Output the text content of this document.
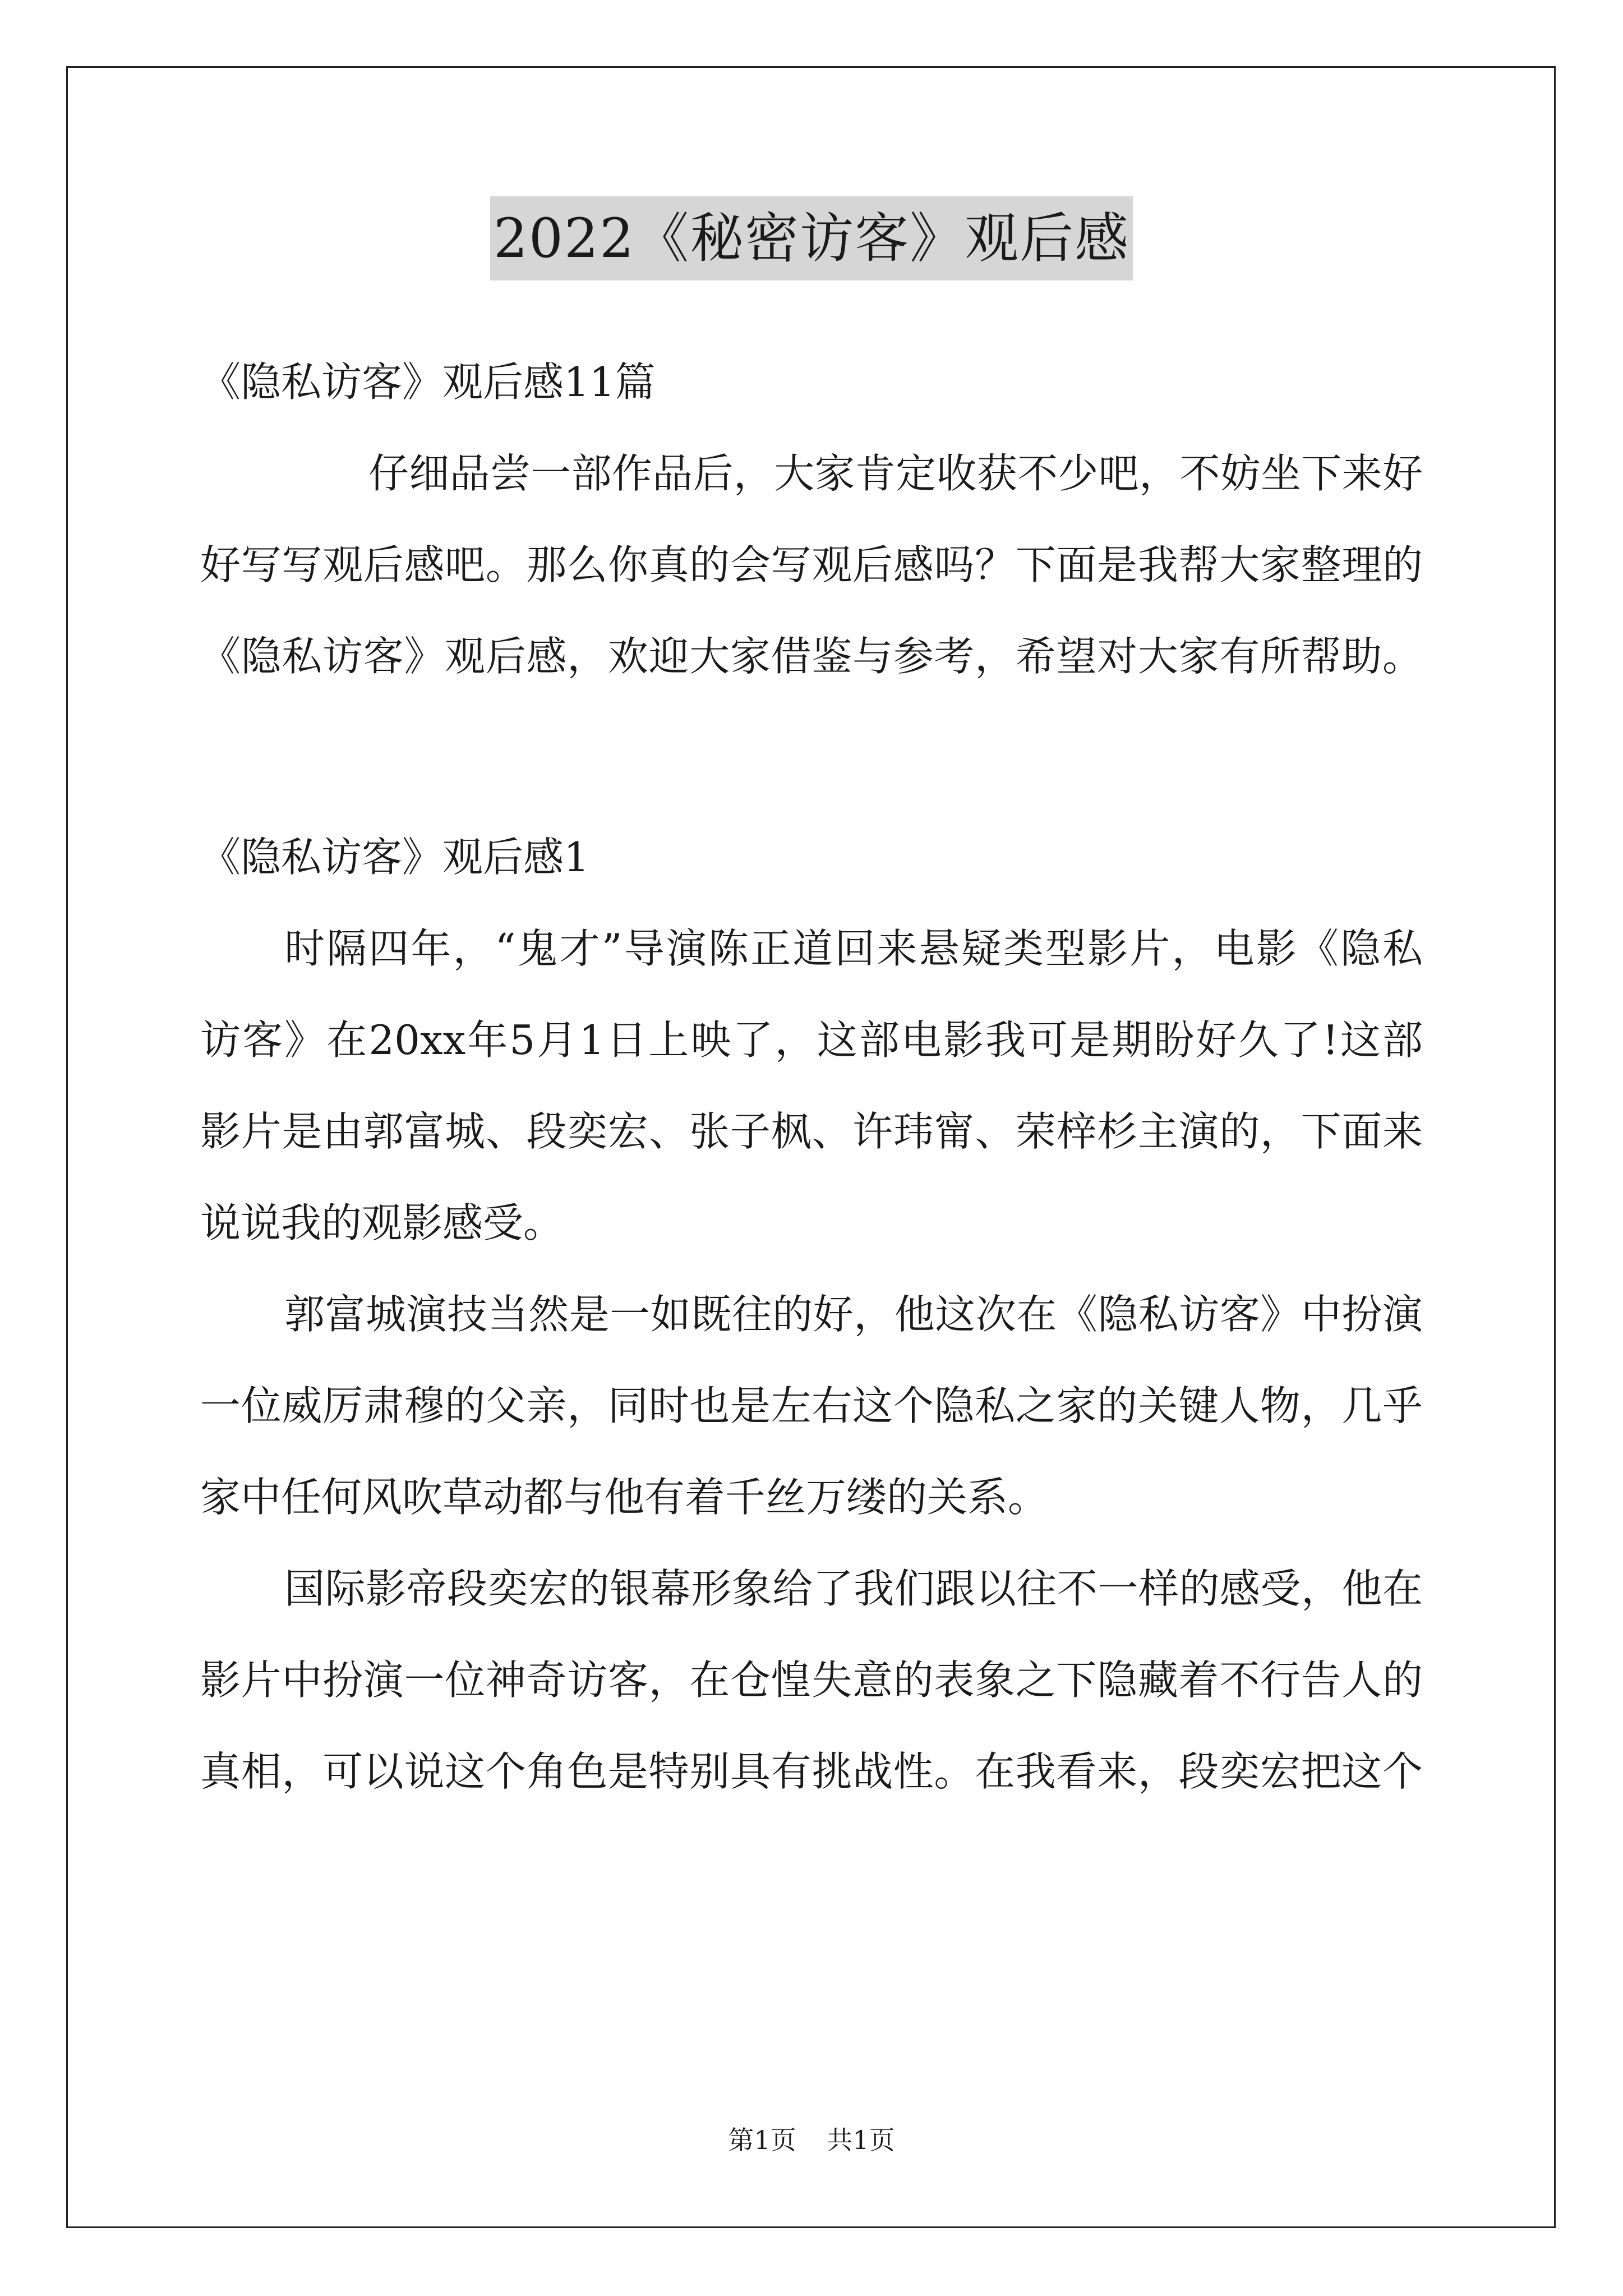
2022《秘密访客》观后感
《隐私访客》观后感11篇
仔细品尝一部作品后，大家肯定收获不少吧，不妨坐下来好
好写写观后感吧。那么你真的会写观后感吗？下面是我帮大家整理的
《隐私访客》观后感，欢迎大家借鉴与参考，希望对大家有所帮助。
《隐私访客》观后感1
时隔四年，“鬼才”导演陈正道回来悬疑类型影片，电影《隐私
访客》在20xx年5月1日上映了，这部电影我可是期盼好久了!这部
影片是由郭富城、段奕宏、张子枫、许玮甯、荣梓杉主演的，下面来
说说我的观影感受。
郭富城演技当然是一如既往的好，他这次在《隐私访客》中扮演
一位威厉肃穆的父亲，同时也是左右这个隐私之家的关键人物，几乎
家中任何风吹草动都与他有着千丝万缕的关系。
国际影帝段奕宏的银幕形象给了我们跟以往不一样的感受，他在
影片中扮演一位神奇访客，在仓惶失意的表象之下隐藏着不行告人的
真相，可以说这个角色是特别具有挑战性。在我看来，段奕宏把这个
第1页 共1页
